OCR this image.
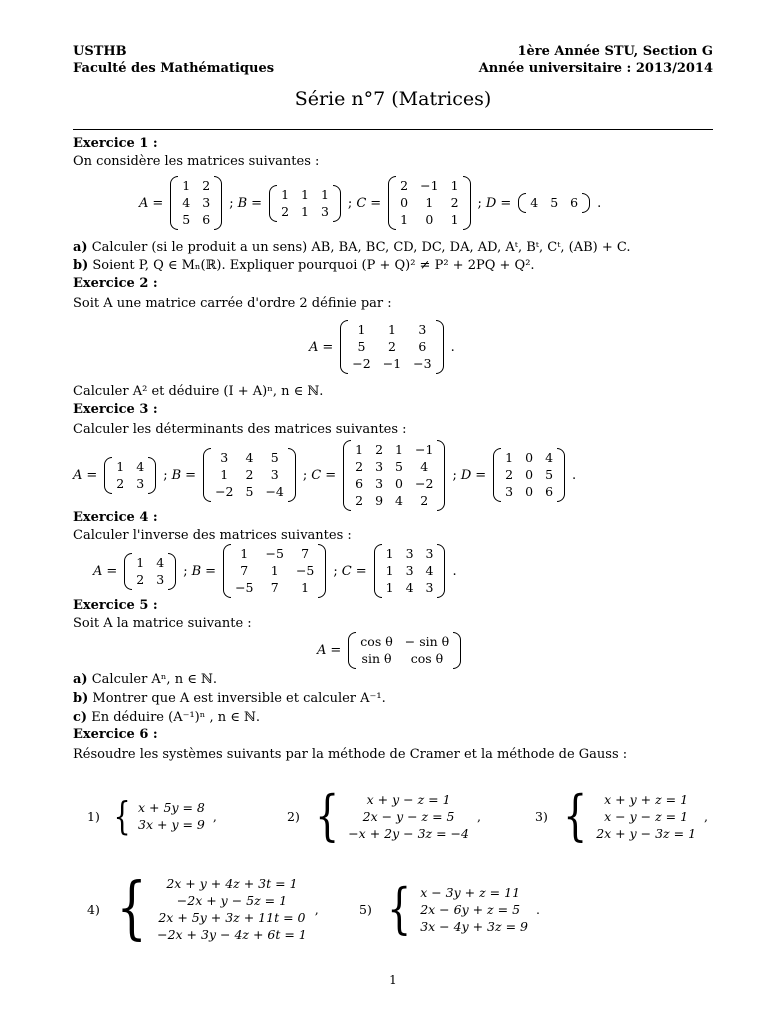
USTHB
Faculté des Mathématiques
1ère Année STU, Section G
Année universitaire : 2013/2014
Série n°7 (Matrices)
Exercice 1 :
On considère les matrices suivantes :
A =
1 2
4 3
5 6
; B =
1 1 1
2 1 3
; C =
2 −1 1
0	1	2
1	0	1
; D = 4 5 6 .
a) Calculer (si le produit a un sens) AB, BA, BC, CD, DC, DA, AD, Aᵗ, Bᵗ, Cᵗ, (AB) + C.
b) Soient P, Q ∈ Mₙ(ℝ). Expliquer pourquoi (P + Q)² ≠ P² + 2PQ + Q².
Exercice 2 :
Soit A une matrice carrée d'ordre 2 définie par :
A =
1	1	3
5	2	6
−2 −1 −3
.
Calculer A² et déduire (I + A)ⁿ, n ∈ ℕ.
Exercice 3 :
Calculer les déterminants des matrices suivantes :
A =
1 4
2 3
; B =
3	4	5
1	2	3
−2 5 −4
; C =
1 2 1 −1
2 3 5	4
6 3 0 −2
2 9 4	2
; D =
1 0 4
2 0 5
3 0 6
.
Exercice 4 :
Calculer l'inverse des matrices suivantes :
A =
1 4
2 3
; B =
1	−5	7
7	1	−5
−5	7	1
; C =
1 3 3
1 3 4
1 4 3
.
Exercice 5 :
Soit A la matrice suivante :
A =
cos θ − sin θ
sin θ	cos θ
a) Calculer Aⁿ, n ∈ ℕ.
b) Montrer que A est inversible et calculer A⁻¹.
c) En déduire (A⁻¹)ⁿ , n ∈ ℕ.
Exercice 6 :
Résoudre les systèmes suivants par la méthode de Cramer et la méthode de Gauss :
1) { x + 5y = 8
3x + y = 9
,	2) {	x + y − z = 1
2x − y − z = 5
−x + 2y − 3z = −4
,	3) {	x + y + z = 1
x − y − z = 1
2x + y − 3z = 1
,
4) {	2x + y + 4z + 3t = 1
−2x + y − 5z = 1
2x + 5y + 3z + 11t = 0
−2x + 3y − 4z + 6t = 1
,	5) { x − 3y + z = 11
2x − 6y + z = 5
3x − 4y + 3z = 9
.
1
